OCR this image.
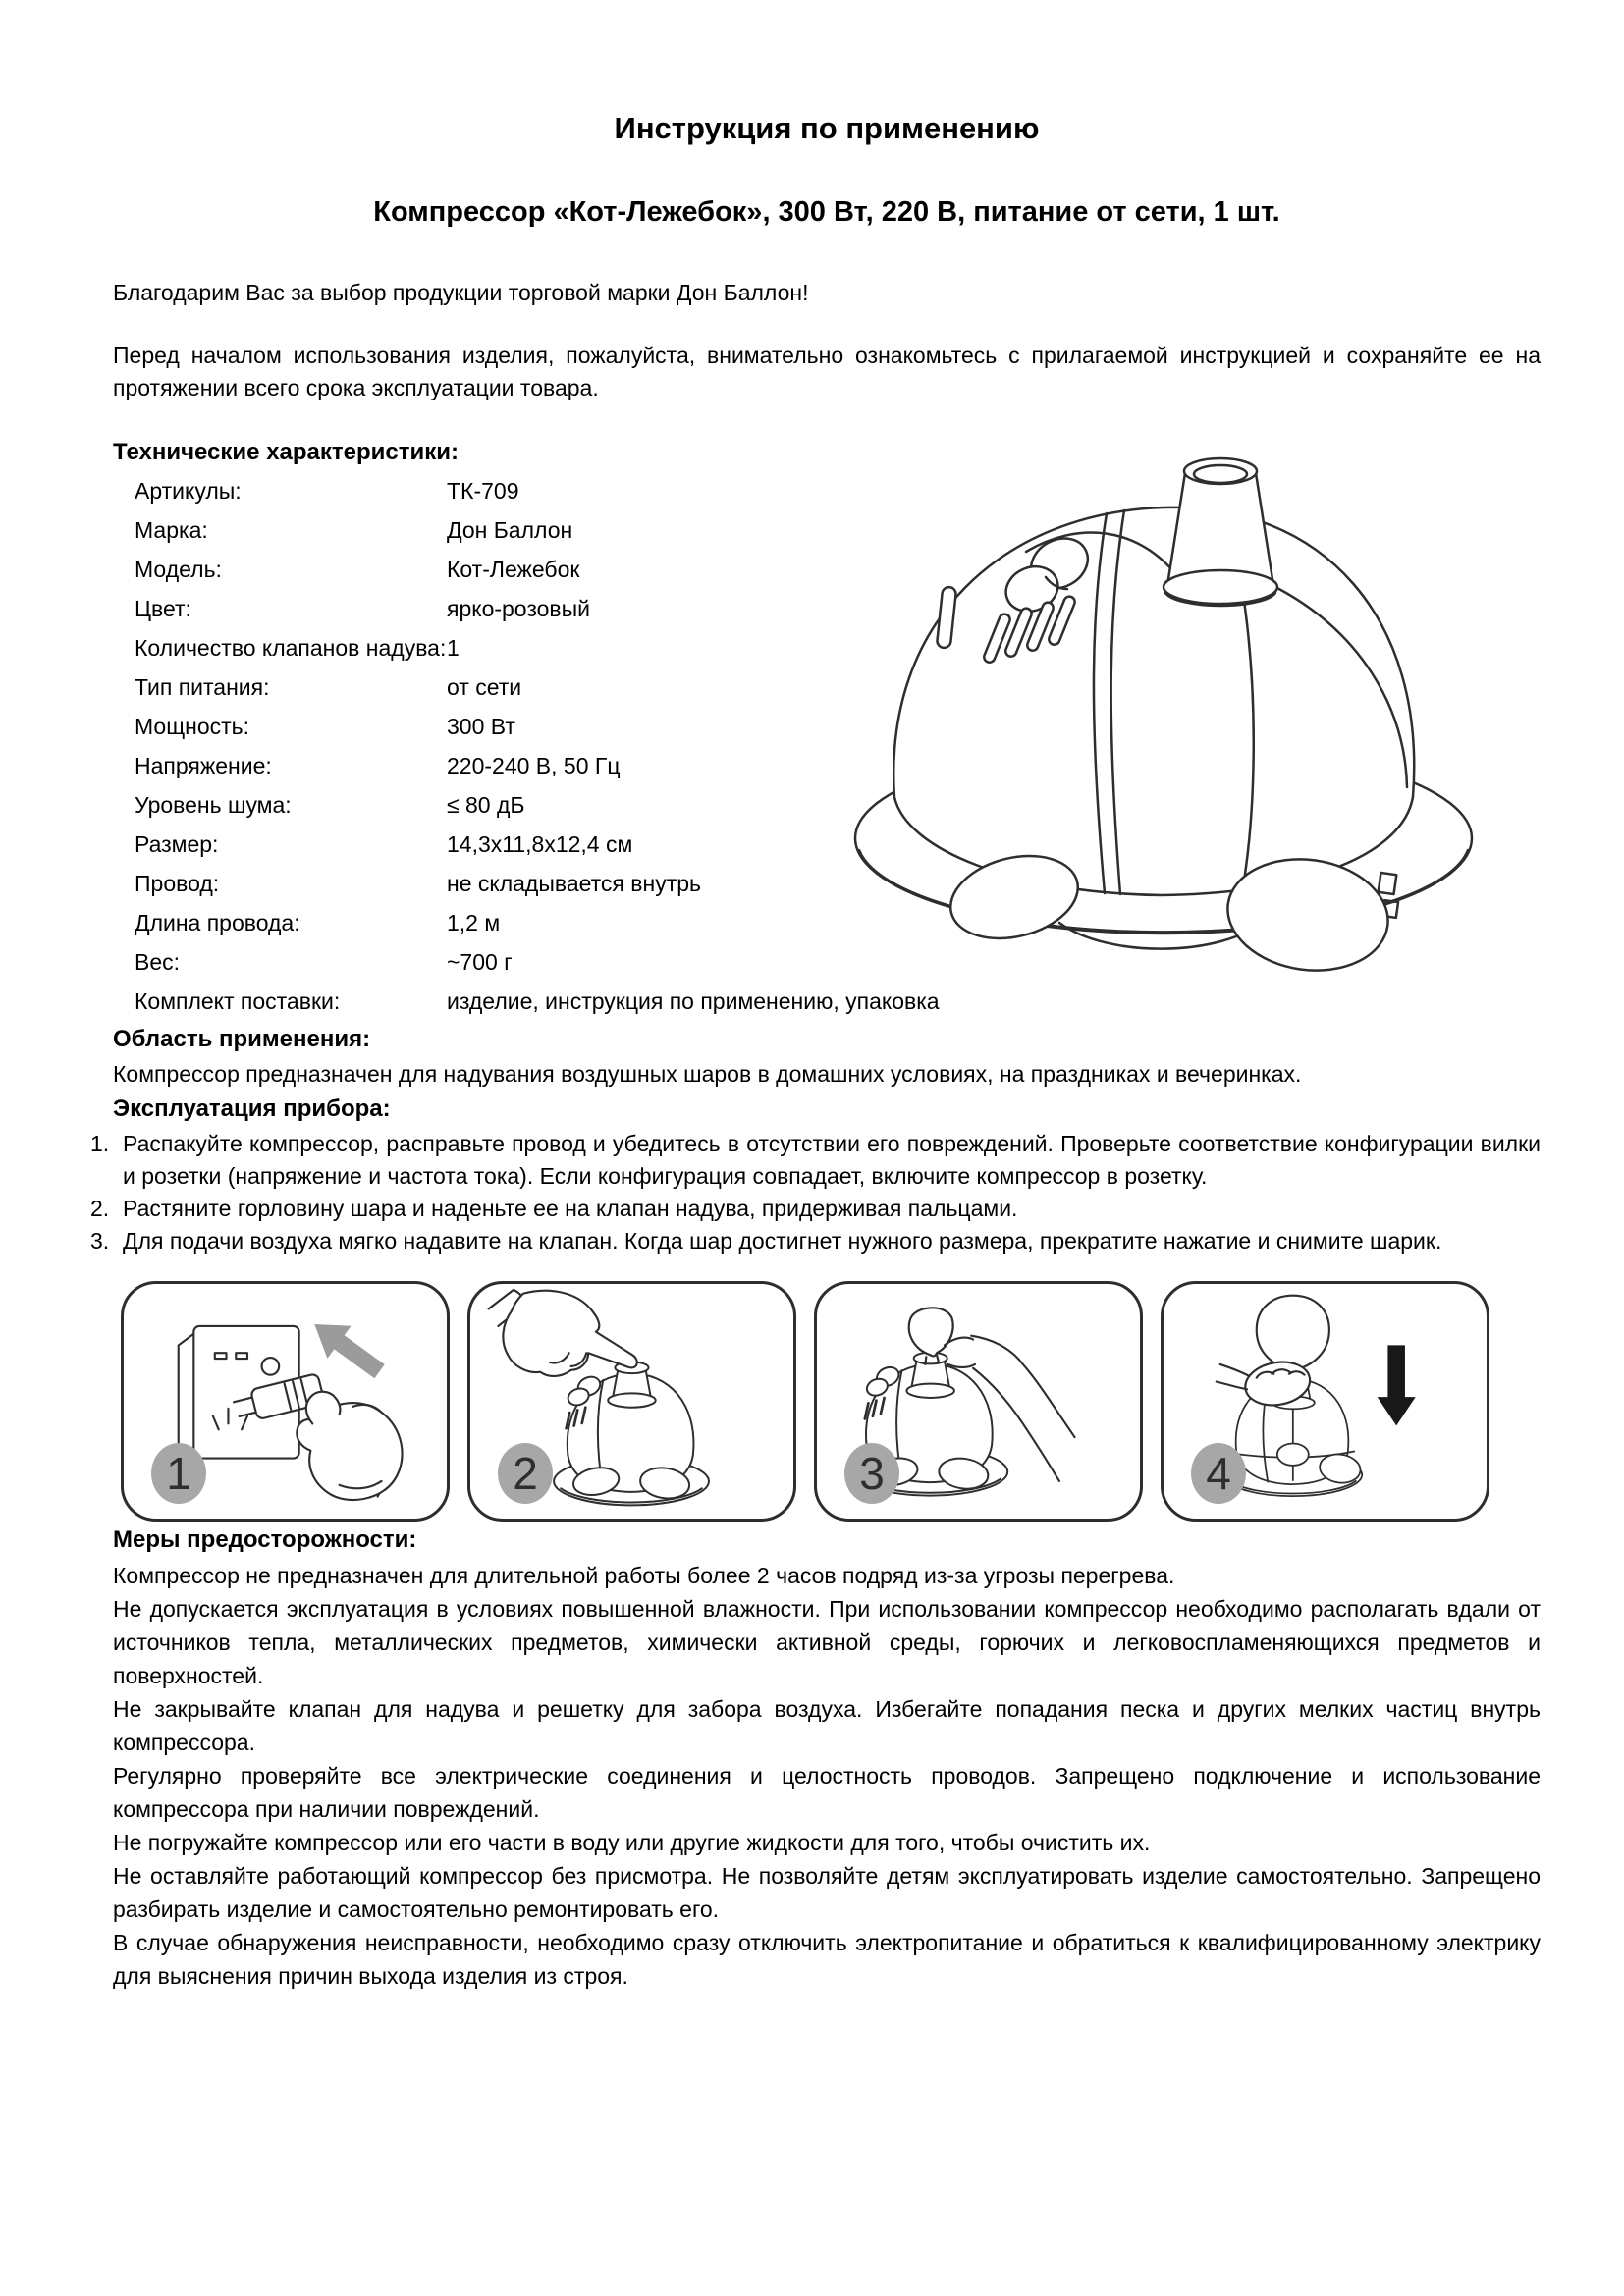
Инструкция по применению
Компрессор «Кот-Лежебок», 300 Вт, 220 В, питание от сети, 1 шт.

Благодарим Вас за выбор продукции торговой марки Дон Баллон!

Перед началом использования изделия, пожалуйста, внимательно ознакомьтесь с прилагаемой инструкцией и сохраняйте ее на протяжении всего срока эксплуатации товара.

Технические характеристики:
Артикулы:	ТК-709
Марка:	Дон Баллон
Модель:	Кот-Лежебок
Цвет:	ярко-розовый
Количество клапанов надува: 1
Тип питания:	от сети
Мощность:	300 Вт
Напряжение:	220-240 В, 50 Гц
Уровень шума:	≤ 80 дБ
Размер:	14,3х11,8х12,4 см
Провод:	не складывается внутрь
Длина провода:	1,2 м
Вес:	~700 г
Комплект поставки:	изделие, инструкция по применению, упаковка
Область применения:

Компрессор предназначен для надувания воздушных шаров в домашних условиях, на праздниках и вечеринках.

Эксплуатация прибора:
1. Распакуйте компрессор, расправьте провод и убедитесь в отсутствии его повреждений. Проверьте соответствие конфигурации вилки и розетки (напряжение и частота тока). Если конфигурация совпадает, включите компрессор в розетку.
2. Растяните горловину шара и наденьте ее на клапан надува, придерживая пальцами.
3. Для подачи воздуха мягко надавите на клапан. Когда шар достигнет нужного размера, прекратите нажатие и снимите шарик.
1	2	3	4
Меры предосторожности:

Компрессор не предназначен для длительной работы более 2 часов подряд из-за угрозы перегрева.

Не допускается эксплуатация в условиях повышенной влажности. При использовании компрессор необходимо располагать вдали от источников тепла, металлических предметов, химически активной среды, горючих и легковоспламеняющихся предметов и поверхностей.

Не закрывайте клапан для надува и решетку для забора воздуха. Избегайте попадания песка и других мелких частиц внутрь компрессора.

Регулярно проверяйте все электрические соединения и целостность проводов. Запрещено подключение и использование компрессора при наличии повреждений.

Не погружайте компрессор или его части в воду или другие жидкости для того, чтобы очистить их.

Не оставляйте работающий компрессор без присмотра. Не позволяйте детям эксплуатировать изделие самостоятельно. Запрещено разбирать изделие и самостоятельно ремонтировать его.

В случае обнаружения неисправности, необходимо сразу отключить электропитание и обратиться к квалифицированному электрику для выяснения причин выхода изделия из строя.
